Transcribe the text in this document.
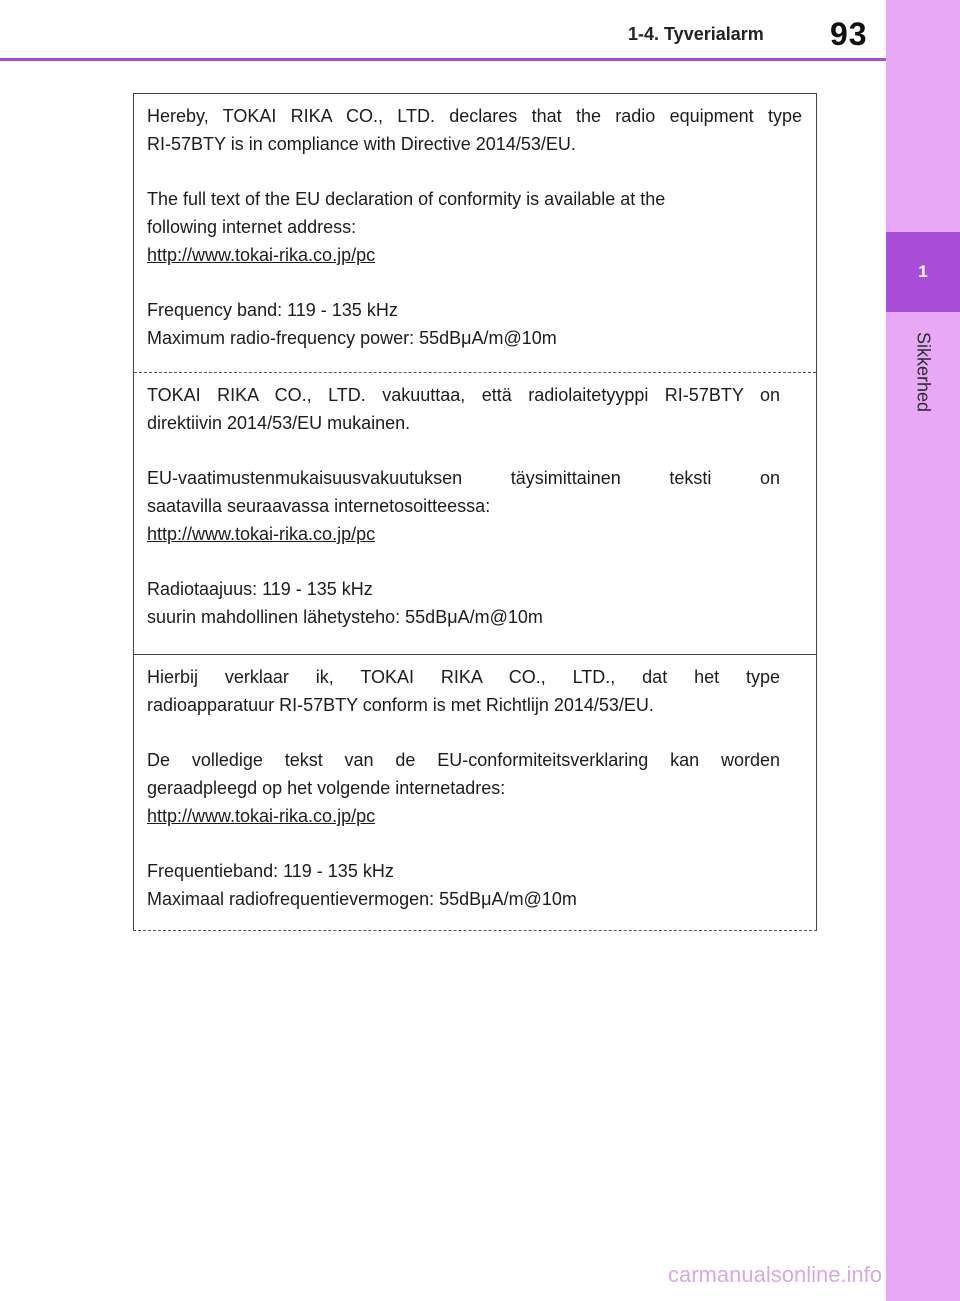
1
Sikkerhed
1-4. Tyverialarm 93

Hereby, TOKAI RIKA CO., LTD. declares that the radio equipment type
RI-57BTY is in compliance with Directive 2014/53/EU.

The full text of the EU declaration of conformity is available at the
following internet address:
http://www.tokai-rika.co.jp/pc

Frequency band: 119 - 135 kHz
Maximum radio-frequency power: 55dBμA/m@10m

TOKAI RIKA CO., LTD. vakuuttaa, että radiolaitetyyppi RI-57BTY on
direktiivin 2014/53/EU mukainen.

EU-vaatimustenmukaisuusvakuutuksen täysimittainen teksti on
saatavilla seuraavassa internetosoitteessa:
http://www.tokai-rika.co.jp/pc

Radiotaajuus: 119 - 135 kHz
suurin mahdollinen lähetysteho: 55dBμA/m@10m

Hierbij verklaar ik, TOKAI RIKA CO., LTD., dat het type
radioapparatuur RI-57BTY conform is met Richtlijn 2014/53/EU.

De volledige tekst van de EU-conformiteitsverklaring kan worden
geraadpleegd op het volgende internetadres:
http://www.tokai-rika.co.jp/pc

Frequentieband: 119 - 135 kHz
Maximaal radiofrequentievermogen: 55dBμA/m@10m

carmanualsonline.info
